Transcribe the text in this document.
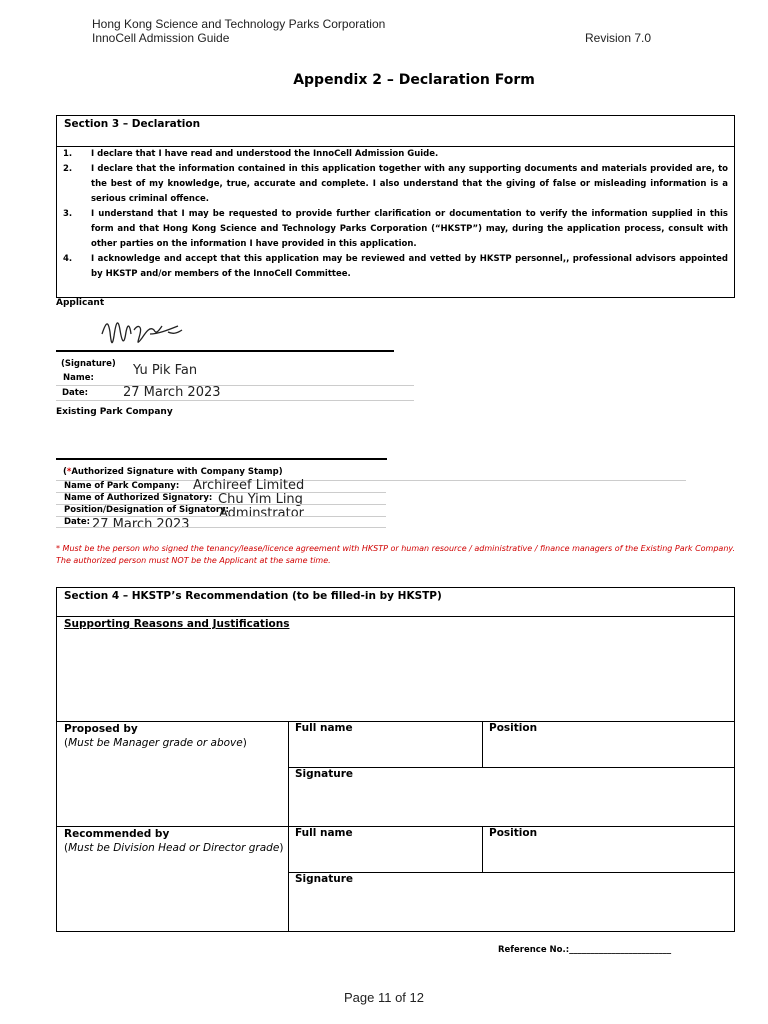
Hong Kong Science and Technology Parks Corporation
InnoCell Admission Guide	Revision 7.0
Appendix 2 – Declaration Form
Section 3 – Declaration
1.	I declare that I have read and understood the InnoCell Admission Guide.
2.	I declare that the information contained in this application together with any supporting documents and materials provided are, to the best of my knowledge, true, accurate and complete. I also understand that the giving of false or misleading information is a serious criminal offence.
3.	I understand that I may be requested to provide further clarification or documentation to verify the information supplied in this form and that Hong Kong Science and Technology Parks Corporation (“HKSTP”) may, during the application process, consult with other parties on the information I have provided in this application.
4.	I acknowledge and accept that this application may be reviewed and vetted by HKSTP personnel,, professional advisors appointed by HKSTP and/or members of the InnoCell Committee.
Applicant
(Signature)
Name:	Yu Pik Fan
Date:	27 March 2023
Existing Park Company
(*Authorized Signature with Company Stamp)
Name of Park Company: Archireef Limited
Name of Authorized Signatory: Chu Yim Ling
Position/Designation of Signatory:
Adminstrator
Date: 27 March 2023
* Must be the person who signed the tenancy/lease/licence agreement with HKSTP or human resource / administrative / finance managers of the Existing Park Company. The authorized person must NOT be the Applicant at the same time.
Section 4 – HKSTP’s Recommendation (to be filled-in by HKSTP)
Supporting Reasons and Justifications
Proposed by
(Must be Manager grade or above)
Full name	Position
Signature
Recommended by
(Must be Division Head or Director grade)
Full name	Position
Signature
Reference No.:________________________
Page 11 of 12
